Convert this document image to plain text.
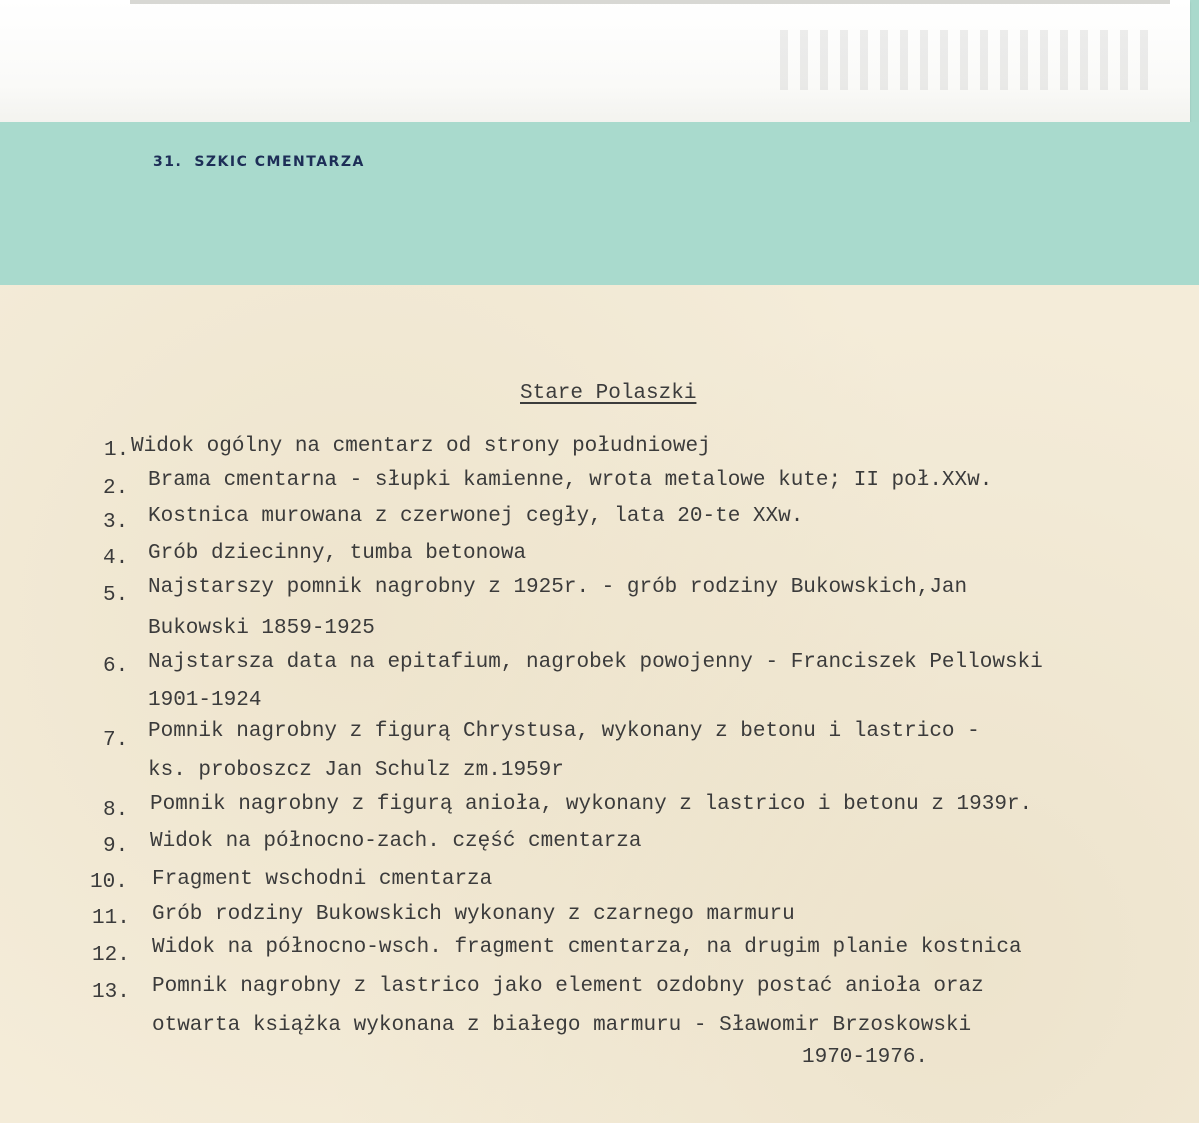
31. SZKIC CMENTARZA
Stare Polaszki
1. Widok ogólny na cmentarz od strony południowej
2. Brama cmentarna - słupki kamienne, wrota metalowe kute; II poł.XXw.
3. Kostnica murowana z czerwonej cegły, lata 20-te XXw.
4. Grób dziecinny, tumba betonowa
5. Najstarszy pomnik nagrobny z 1925r. - grób rodziny Bukowskich,Jan
Bukowski 1859-1925
6. Najstarsza data na epitafium, nagrobek powojenny - Franciszek Pellowski
1901-1924
7. Pomnik nagrobny z figurą Chrystusa, wykonany z betonu i lastrico -
ks. proboszcz Jan Schulz zm.1959r
8. Pomnik nagrobny z figurą anioła, wykonany z lastrico i betonu z 1939r.
9. Widok na północno-zach. część cmentarza
10. Fragment wschodni cmentarza
11. Grób rodziny Bukowskich wykonany z czarnego marmuru
12. Widok na północno-wsch. fragment cmentarza, na drugim planie kostnica
13. Pomnik nagrobny z lastrico jako element ozdobny postać anioła oraz
otwarta książka wykonana z białego marmuru - Sławomir Brzoskowski
1970-1976.
